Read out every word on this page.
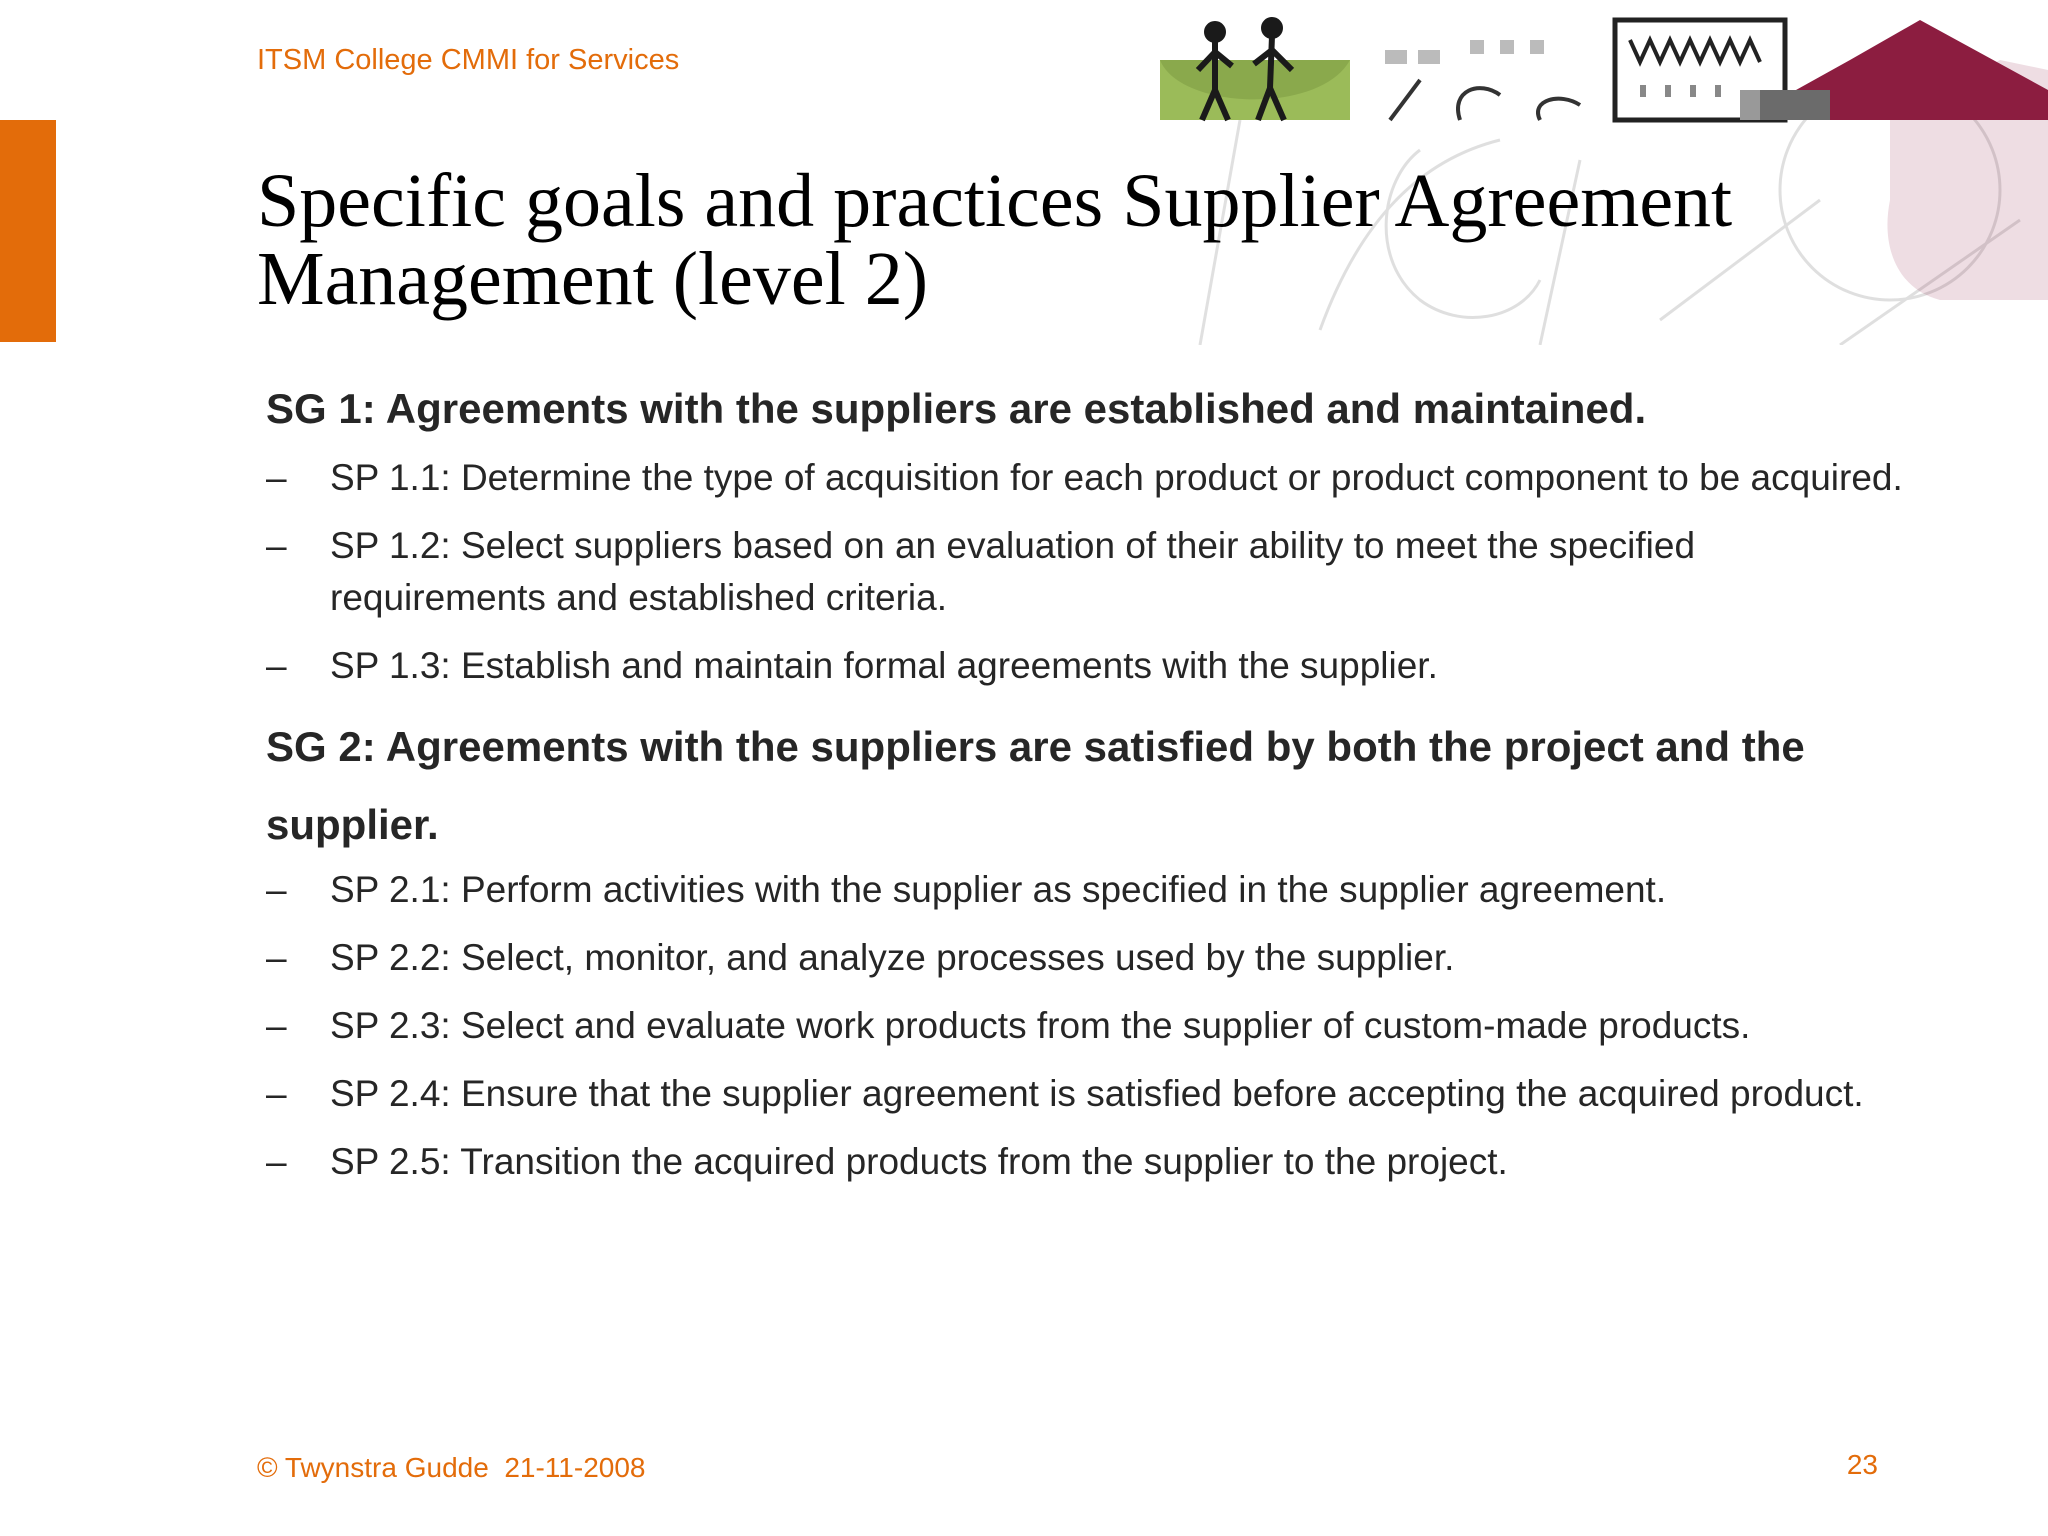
ITSM College CMMI for Services
Specific goals and practices Supplier Agreement
Management (level 2)

SG 1: Agreements with the suppliers are established and maintained.

– SP 1.1: Determine the type of acquisition for each product or product component to be acquired.
– SP 1.2: Select suppliers based on an evaluation of their ability to meet the specified requirements and established criteria.
– SP 1.3: Establish and maintain formal agreements with the supplier.

SG 2: Agreements with the suppliers are satisfied by both the project and the supplier.

– SP 2.1: Perform activities with the supplier as specified in the supplier agreement.
– SP 2.2: Select, monitor, and analyze processes used by the supplier.
– SP 2.3: Select and evaluate work products from the supplier of custom-made products.
– SP 2.4: Ensure that the supplier agreement is satisfied before accepting the acquired product.
– SP 2.5: Transition the acquired products from the supplier to the project.
© Twynstra Gudde  21-11-2008	23
